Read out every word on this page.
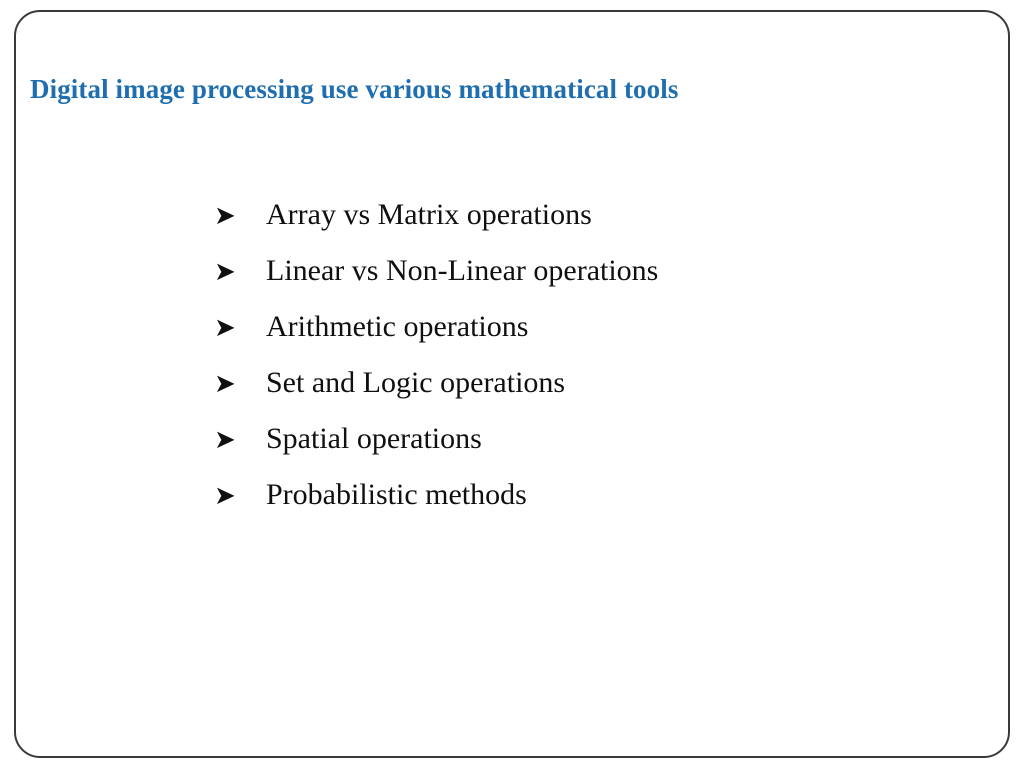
Digital image processing use various mathematical tools
➤	Array vs Matrix operations
➤	Linear vs Non-Linear operations
➤	Arithmetic operations
➤	Set and Logic operations
➤	Spatial operations
➤	Probabilistic methods
